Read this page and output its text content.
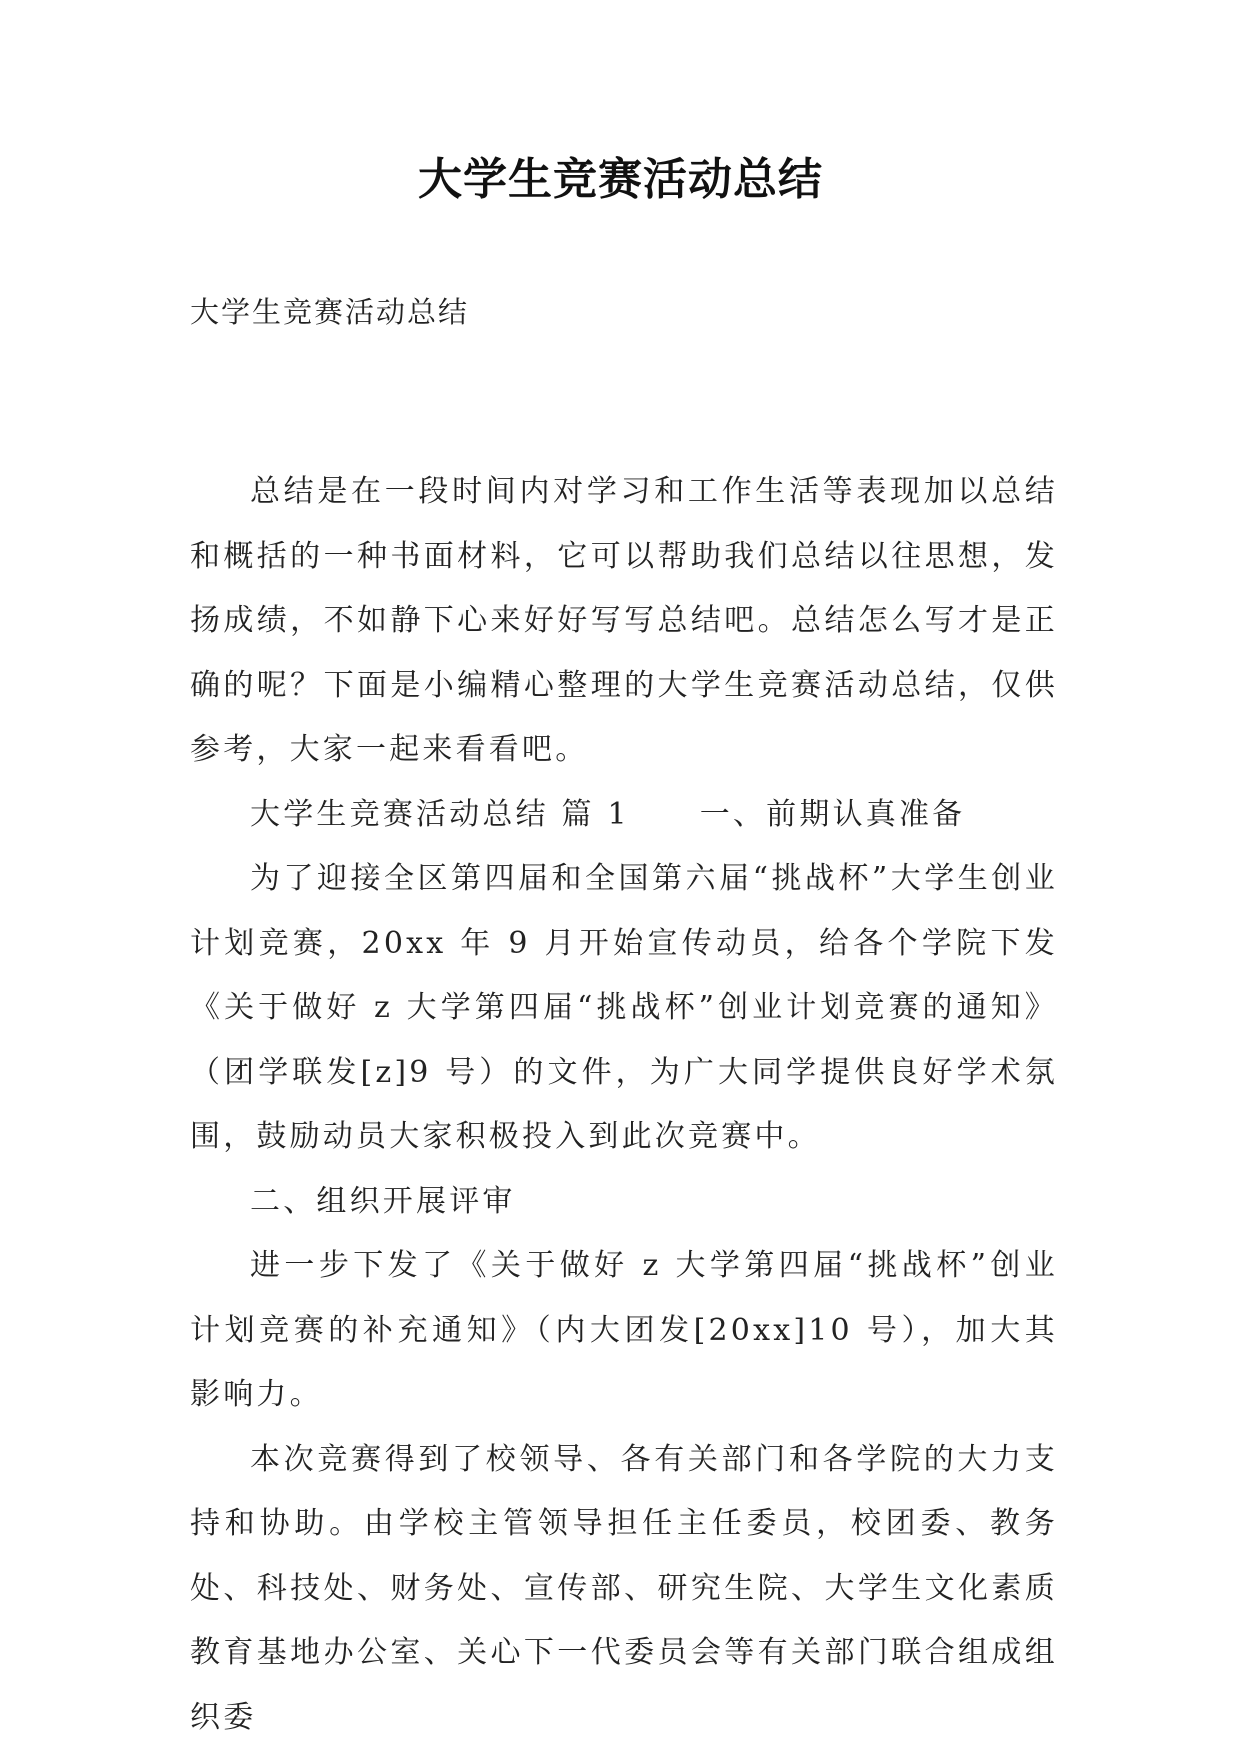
大学生竞赛活动总结

大学生竞赛活动总结

总结是在一段时间内对学习和工作生活等表现加以总结和概括的一种书面材料，它可以帮助我们总结以往思想，发扬成绩，不如静下心来好好写写总结吧。总结怎么写才是正确的呢？下面是小编精心整理的大学生竞赛活动总结，仅供参考，大家一起来看看吧。

大学生竞赛活动总结 篇 1 一、前期认真准备

为了迎接全区第四届和全国第六届“挑战杯”大学生创业计划竞赛，20xx 年 9 月开始宣传动员，给各个学院下发《关于做好 z 大学第四届“挑战杯”创业计划竞赛的通知》（团学联发[z]9 号）的文件，为广大同学提供良好学术氛围，鼓励动员大家积极投入到此次竞赛中。

二、组织开展评审

进一步下发了《关于做好 z 大学第四届“挑战杯”创业计划竞赛的补充通知》（内大团发[20xx]10 号），加大其影响力。

本次竞赛得到了校领导、各有关部门和各学院的大力支持和协助。由学校主管领导担任主任委员，校团委、教务处、科技处、财务处、宣传部、研究生院、大学生文化素质教育基地办公室、关心下一代委员会等有关部门联合组成组织委
